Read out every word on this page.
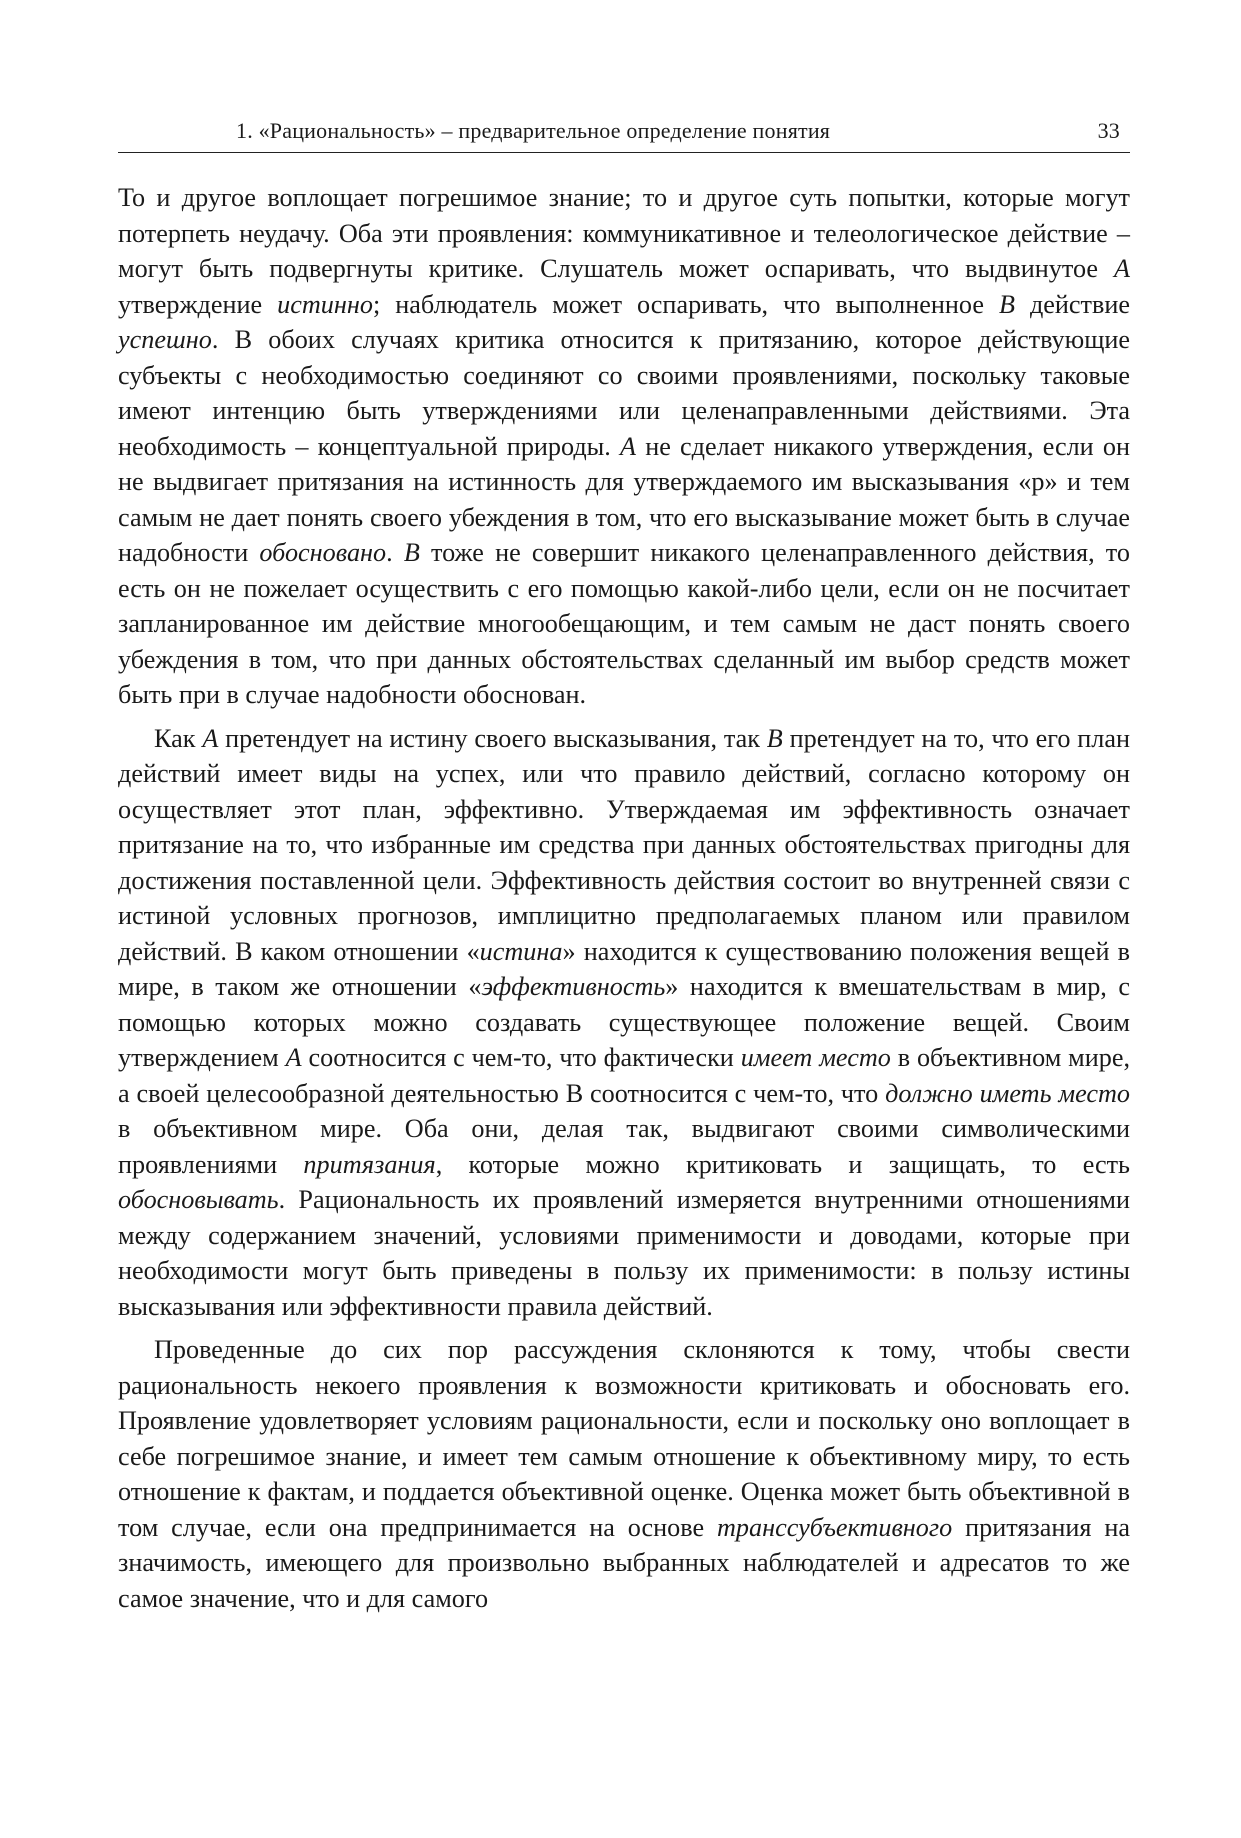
1. «Рациональность» – предварительное определение понятия	33

То и другое воплощает погрешимое знание; то и другое суть попытки, которые могут потерпеть неудачу. Оба эти проявления: коммуникативное и телеологическое действие – могут быть подвергнуты критике. Слушатель может оспаривать, что выдвинутое А утверждение истинно; наблюдатель может оспаривать, что выполненное В действие успешно. В обоих случаях критика относится к притязанию, которое действующие субъекты с необходимостью соединяют со своими проявлениями, поскольку таковые имеют интенцию быть утверждениями или целенаправленными действиями. Эта необходимость – концептуальной природы. А не сделает никакого утверждения, если он не выдвигает притязания на истинность для утверждаемого им высказывания «р» и тем самым не дает понять своего убеждения в том, что его высказывание может быть в случае надобности обосновано. В тоже не совершит никакого целенаправленного действия, то есть он не пожелает осуществить с его помощью какой-либо цели, если он не посчитает запланированное им действие многообещающим, и тем самым не даст понять своего убеждения в том, что при данных обстоятельствах сделанный им выбор средств может быть при в случае надобности обоснован.

Как А претендует на истину своего высказывания, так В претендует на то, что его план действий имеет виды на успех, или что правило действий, согласно которому он осуществляет этот план, эффективно. Утверждаемая им эффективность означает притязание на то, что избранные им средства при данных обстоятельствах пригодны для достижения поставленной цели. Эффективность действия состоит во внутренней связи с истиной условных прогнозов, имплицитно предполагаемых планом или правилом действий. В каком отношении «истина» находится к существованию положения вещей в мире, в таком же отношении «эффективность» находится к вмешательствам в мир, с помощью которых можно создавать существующее положение вещей. Своим утверждением А соотносится с чем-то, что фактически имеет место в объективном мире, а своей целесообразной деятельностью В соотносится с чем-то, что должно иметь место в объективном мире. Оба они, делая так, выдвигают своими символическими проявлениями притязания, которые можно критиковать и защищать, то есть обосновывать. Рациональность их проявлений измеряется внутренними отношениями между содержанием значений, условиями применимости и доводами, которые при необходимости могут быть приведены в пользу их применимости: в пользу истины высказывания или эффективности правила действий.

Проведенные до сих пор рассуждения склоняются к тому, чтобы свести рациональность некоего проявления к возможности критиковать и обосновать его. Проявление удовлетворяет условиям рациональности, если и поскольку оно воплощает в себе погрешимое знание, и имеет тем самым отношение к объективному миру, то есть отношение к фактам, и поддается объективной оценке. Оценка может быть объективной в том случае, если она предпринимается на основе транссубъективного притязания на значимость, имеющего для произвольно выбранных наблюдателей и адресатов то же самое значение, что и для самого
